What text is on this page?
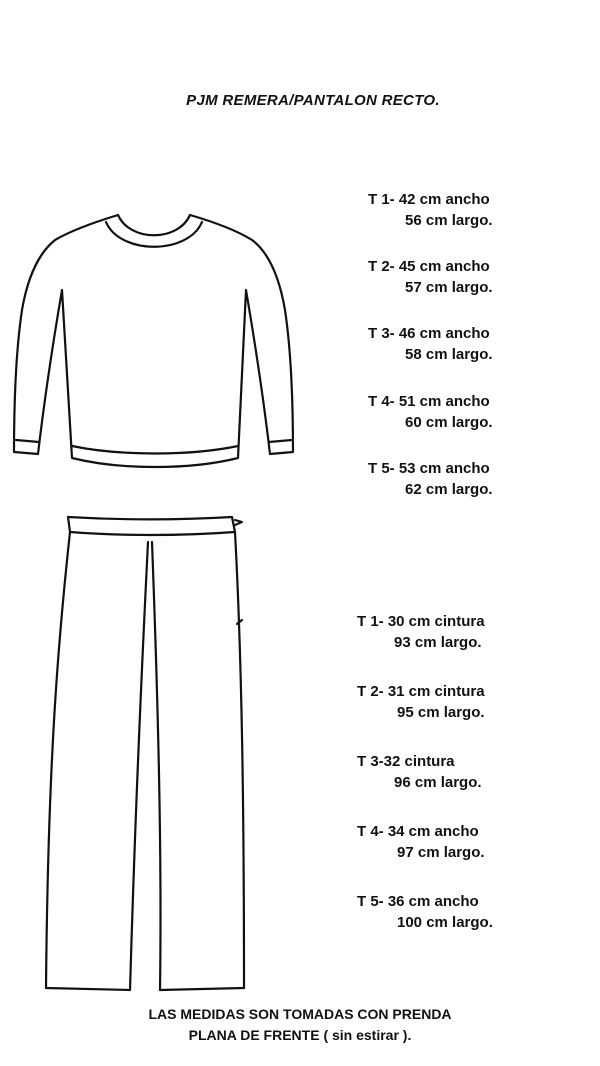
PJM REMERA/PANTALON RECTO.
T 1- 42 cm ancho
56 cm largo.
T 2- 45 cm ancho
57 cm largo.
T 3- 46 cm ancho
58 cm largo.
T 4- 51 cm ancho
60 cm largo.
T 5- 53 cm ancho
62 cm largo.
T 1- 30 cm cintura
93 cm largo.
T 2- 31 cm cintura
95 cm largo.
T 3-32 cintura
96 cm largo.
T 4- 34 cm ancho
97 cm largo.
T 5- 36 cm ancho
100 cm largo.
LAS MEDIDAS SON TOMADAS CON PRENDA
PLANA DE FRENTE ( sin estirar ).
